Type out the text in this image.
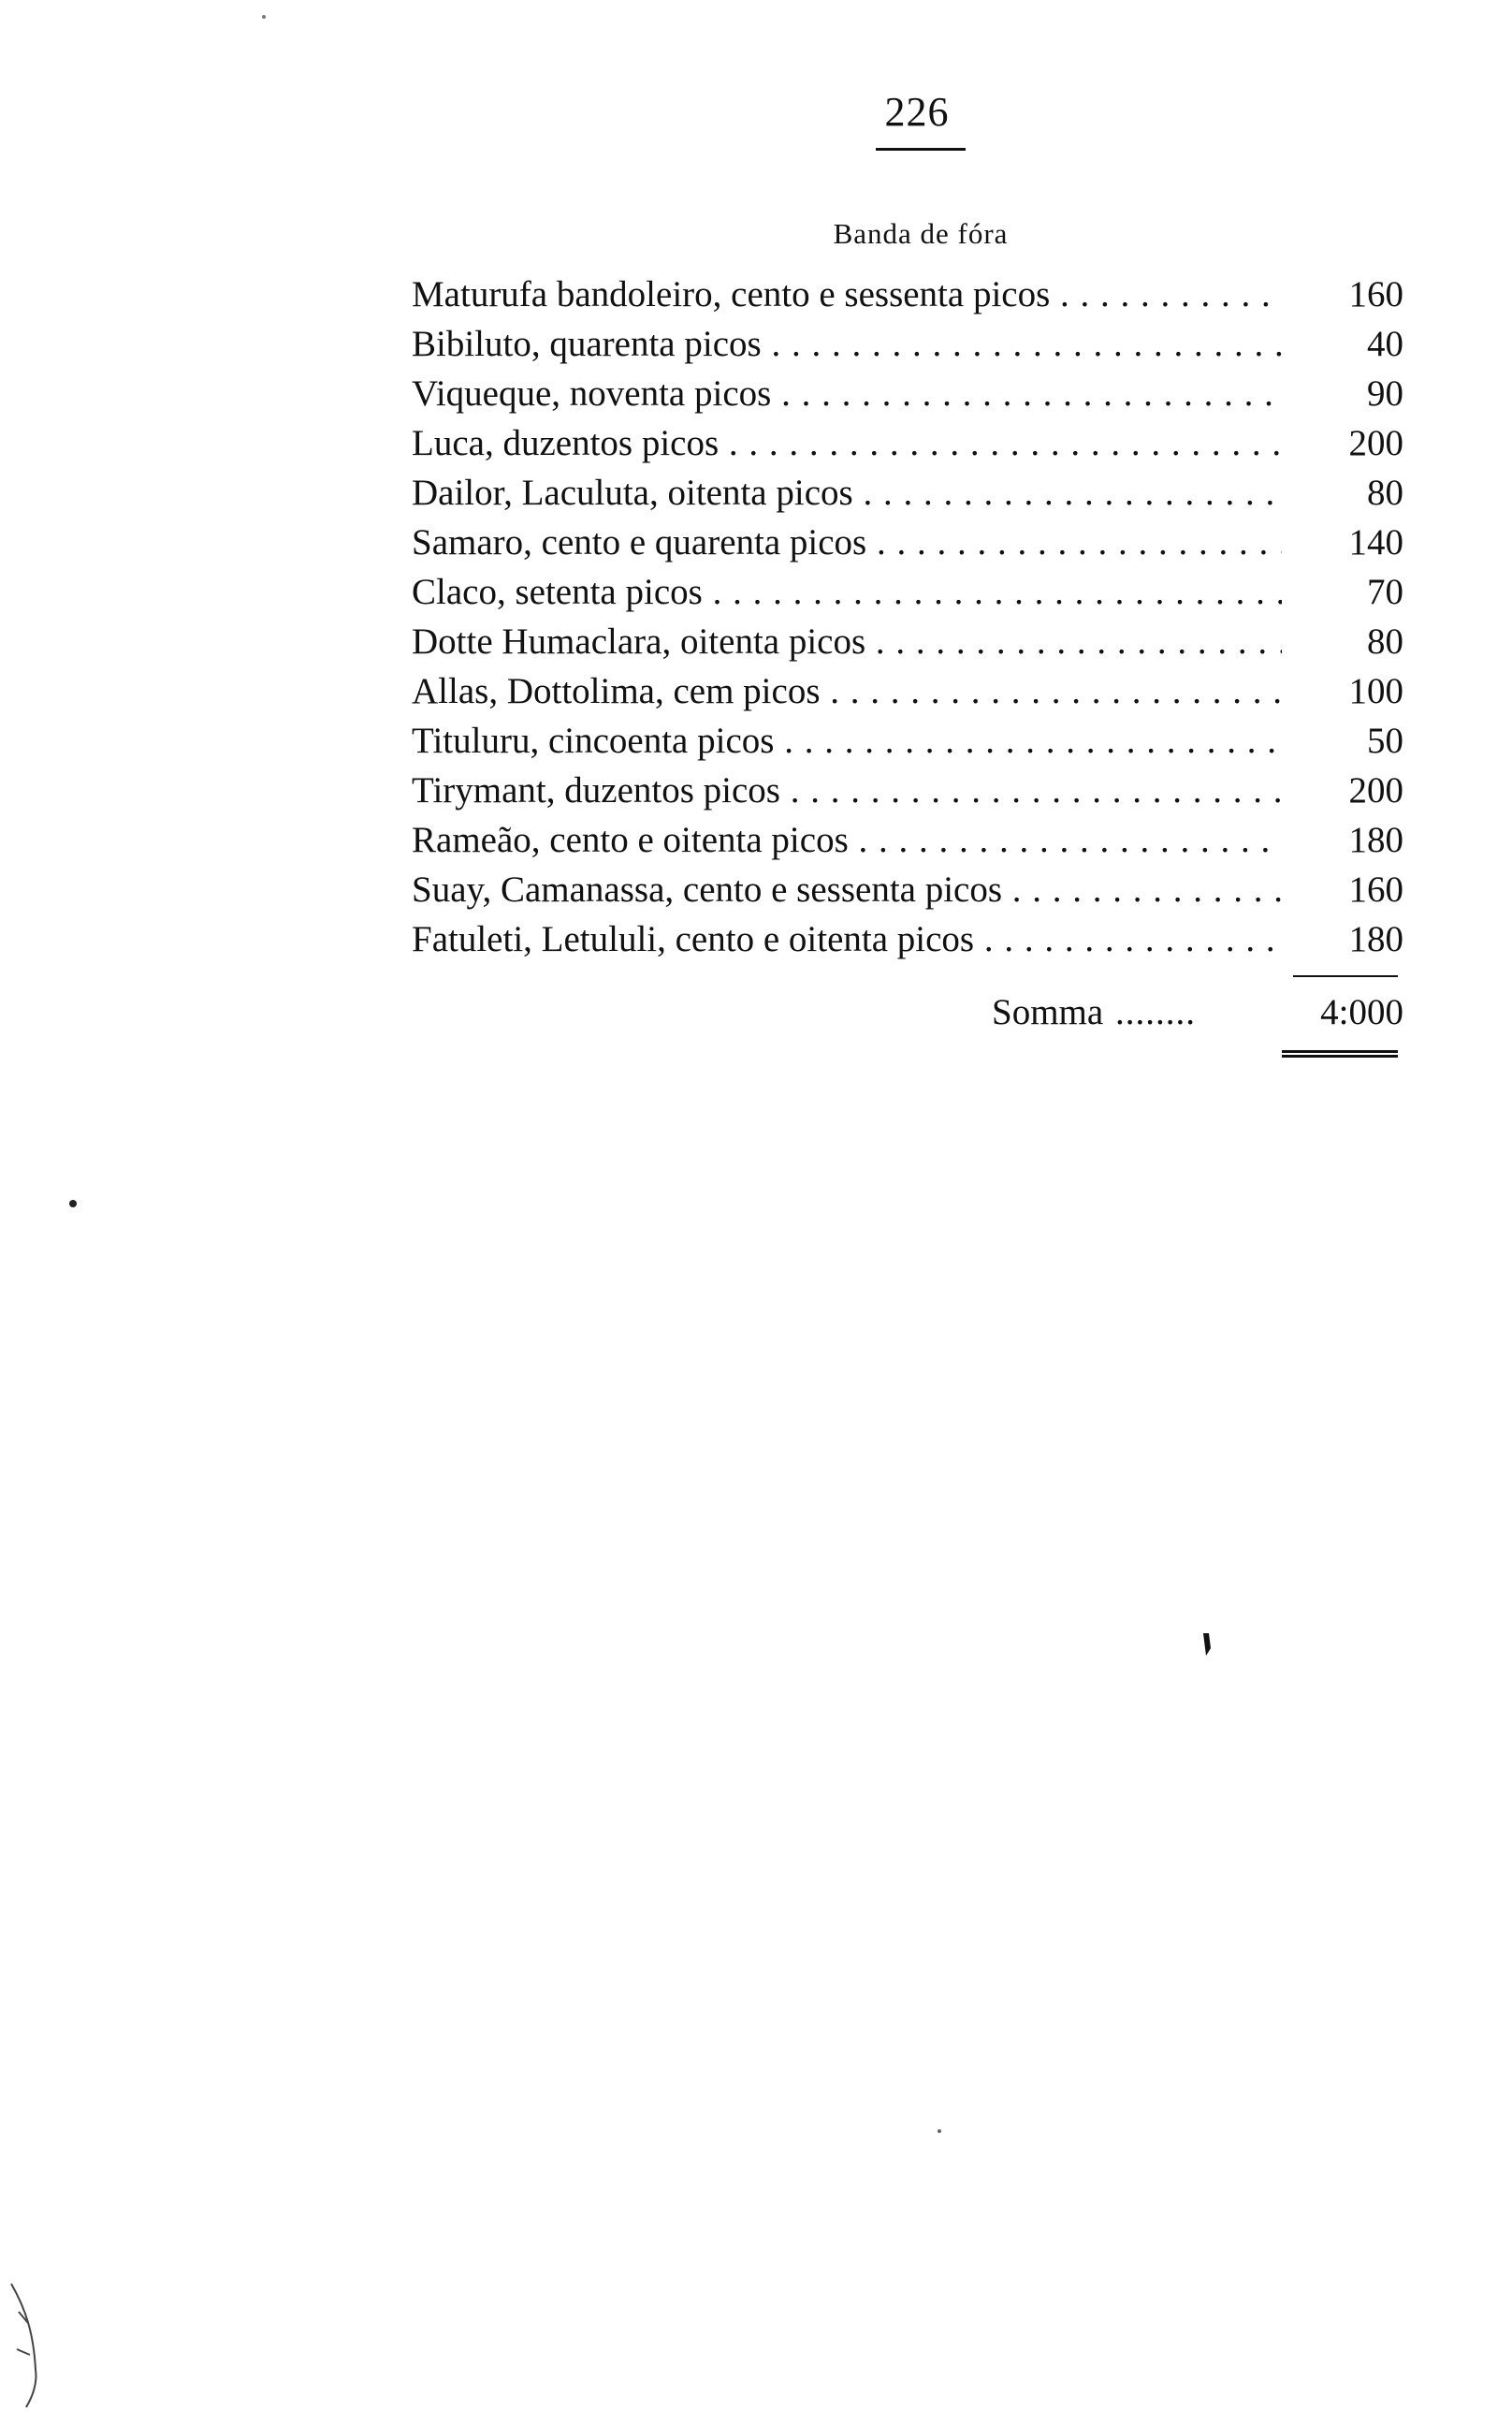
226
Banda de fóra
Maturufa bandoleiro, cento e sessenta picos . . .	160
Bibiluto, quarenta picos . . .	40
Viqueque, noventa picos . . .	90
Luca, duzentos picos . . .	200
Dailor, Laculuta, oitenta picos . . .	80
Samaro, cento e quarenta picos . . .	140
Claco, setenta picos . . .	70
Dotte Humaclara, oitenta picos . . .	80
Allas, Dottolima, cem picos . . .	100
Tituluru, cincoenta picos . . .	50
Tirymant, duzentos picos . . .	200
Rameão, cento e oitenta picos . . .	180
Suay, Camanassa, cento e sessenta picos . . .	160
Fatuleti, Letululi, cento e oitenta picos . . .	180
Somma ........	4:000
